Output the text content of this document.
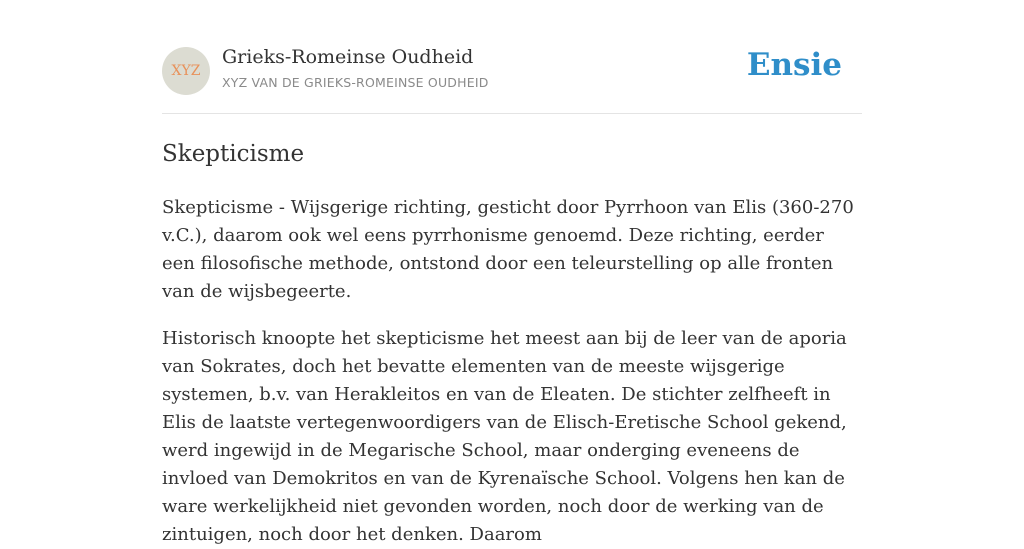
XYZ
Grieks-Romeinse Oudheid
XYZ VAN DE GRIEKS-ROMEINSE OUDHEID	Ensie
Skepticisme

Skepticisme - Wijsgerige richting, gesticht door Pyrrhoon van Elis (360-270 v.C.), daarom ook wel eens pyrrhonisme genoemd. Deze richting, eerder een filosofische methode, ontstond door een teleurstelling op alle fronten van de wijsbegeerte.

Historisch knoopte het skepticisme het meest aan bij de leer van de aporia van Sokrates, doch het bevatte elementen van de meeste wijsgerige systemen, b.v. van Herakleitos en van de Eleaten. De stichter zelfheeft in Elis de laatste vertegenwoordigers van de Elisch-Eretische School gekend, werd ingewijd in de Megarische School, maar onderging eveneens de invloed van Demokritos en van de Kyrenaïsche School. Volgens hen kan de ware werkelijkheid niet gevonden worden, noch door de werking van de zintuigen, noch door het denken. Daarom
